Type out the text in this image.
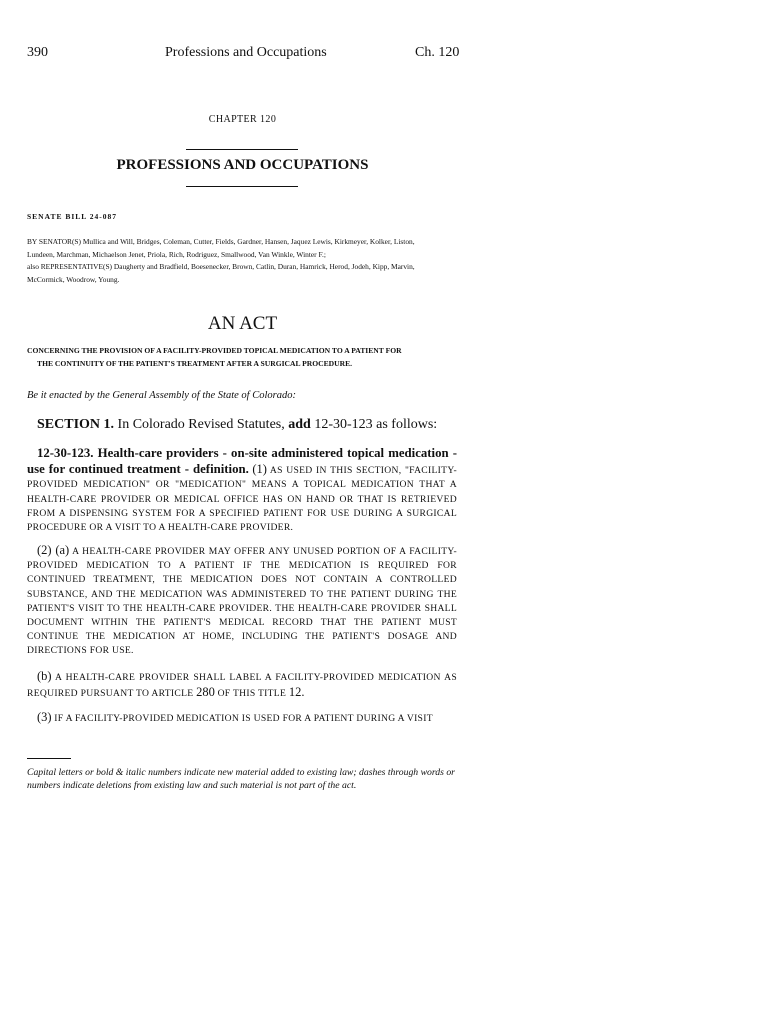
390	Professions and Occupations	Ch. 120
CHAPTER 120
PROFESSIONS AND OCCUPATIONS
SENATE BILL 24-087

BY SENATOR(S) Mullica and Will, Bridges, Coleman, Cutter, Fields, Gardner, Hansen, Jaquez Lewis, Kirkmeyer, Kolker, Liston,

Lundeen, Marchman, Michaelson Jenet, Priola, Rich, Rodriguez, Smallwood, Van Winkle, Winter F.;

also REPRESENTATIVE(S) Daugherty and Bradfield, Boesenecker, Brown, Catlin, Duran, Hamrick, Herod, Jodeh, Kipp, Marvin,

McCormick, Woodrow, Young.

AN ACT
CONCERNING THE PROVISION OF A FACILITY-PROVIDED TOPICAL MEDICATION TO A PATIENT FOR
THE CONTINUITY OF THE PATIENT'S TREATMENT AFTER A SURGICAL PROCEDURE.
Be it enacted by the General Assembly of the State of Colorado:
SECTION 1. In Colorado Revised Statutes, add 12-30-123 as follows:
12-30-123. Health-care providers - on-site administered topical medication - use for continued treatment - definition. (1) AS USED IN THIS SECTION, "FACILITY-PROVIDED MEDICATION" OR "MEDICATION" MEANS A TOPICAL MEDICATION THAT A HEALTH-CARE PROVIDER OR MEDICAL OFFICE HAS ON HAND OR THAT IS RETRIEVED FROM A DISPENSING SYSTEM FOR A SPECIFIED PATIENT FOR USE DURING A SURGICAL PROCEDURE OR A VISIT TO A HEALTH-CARE PROVIDER.
(2) (a) A HEALTH-CARE PROVIDER MAY OFFER ANY UNUSED PORTION OF A FACILITY-PROVIDED MEDICATION TO A PATIENT IF THE MEDICATION IS REQUIRED FOR CONTINUED TREATMENT, THE MEDICATION DOES NOT CONTAIN A CONTROLLED SUBSTANCE, AND THE MEDICATION WAS ADMINISTERED TO THE PATIENT DURING THE PATIENT'S VISIT TO THE HEALTH-CARE PROVIDER. THE HEALTH-CARE PROVIDER SHALL DOCUMENT WITHIN THE PATIENT'S MEDICAL RECORD THAT THE PATIENT MUST CONTINUE THE MEDICATION AT HOME, INCLUDING THE PATIENT'S DOSAGE AND DIRECTIONS FOR USE.
(b) A HEALTH-CARE PROVIDER SHALL LABEL A FACILITY-PROVIDED MEDICATION AS REQUIRED PURSUANT TO ARTICLE 280 OF THIS TITLE 12.
(3) IF A FACILITY-PROVIDED MEDICATION IS USED FOR A PATIENT DURING A VISIT
Capital letters or bold & italic numbers indicate new material added to existing law; dashes through words or numbers indicate deletions from existing law and such material is not part of the act.
